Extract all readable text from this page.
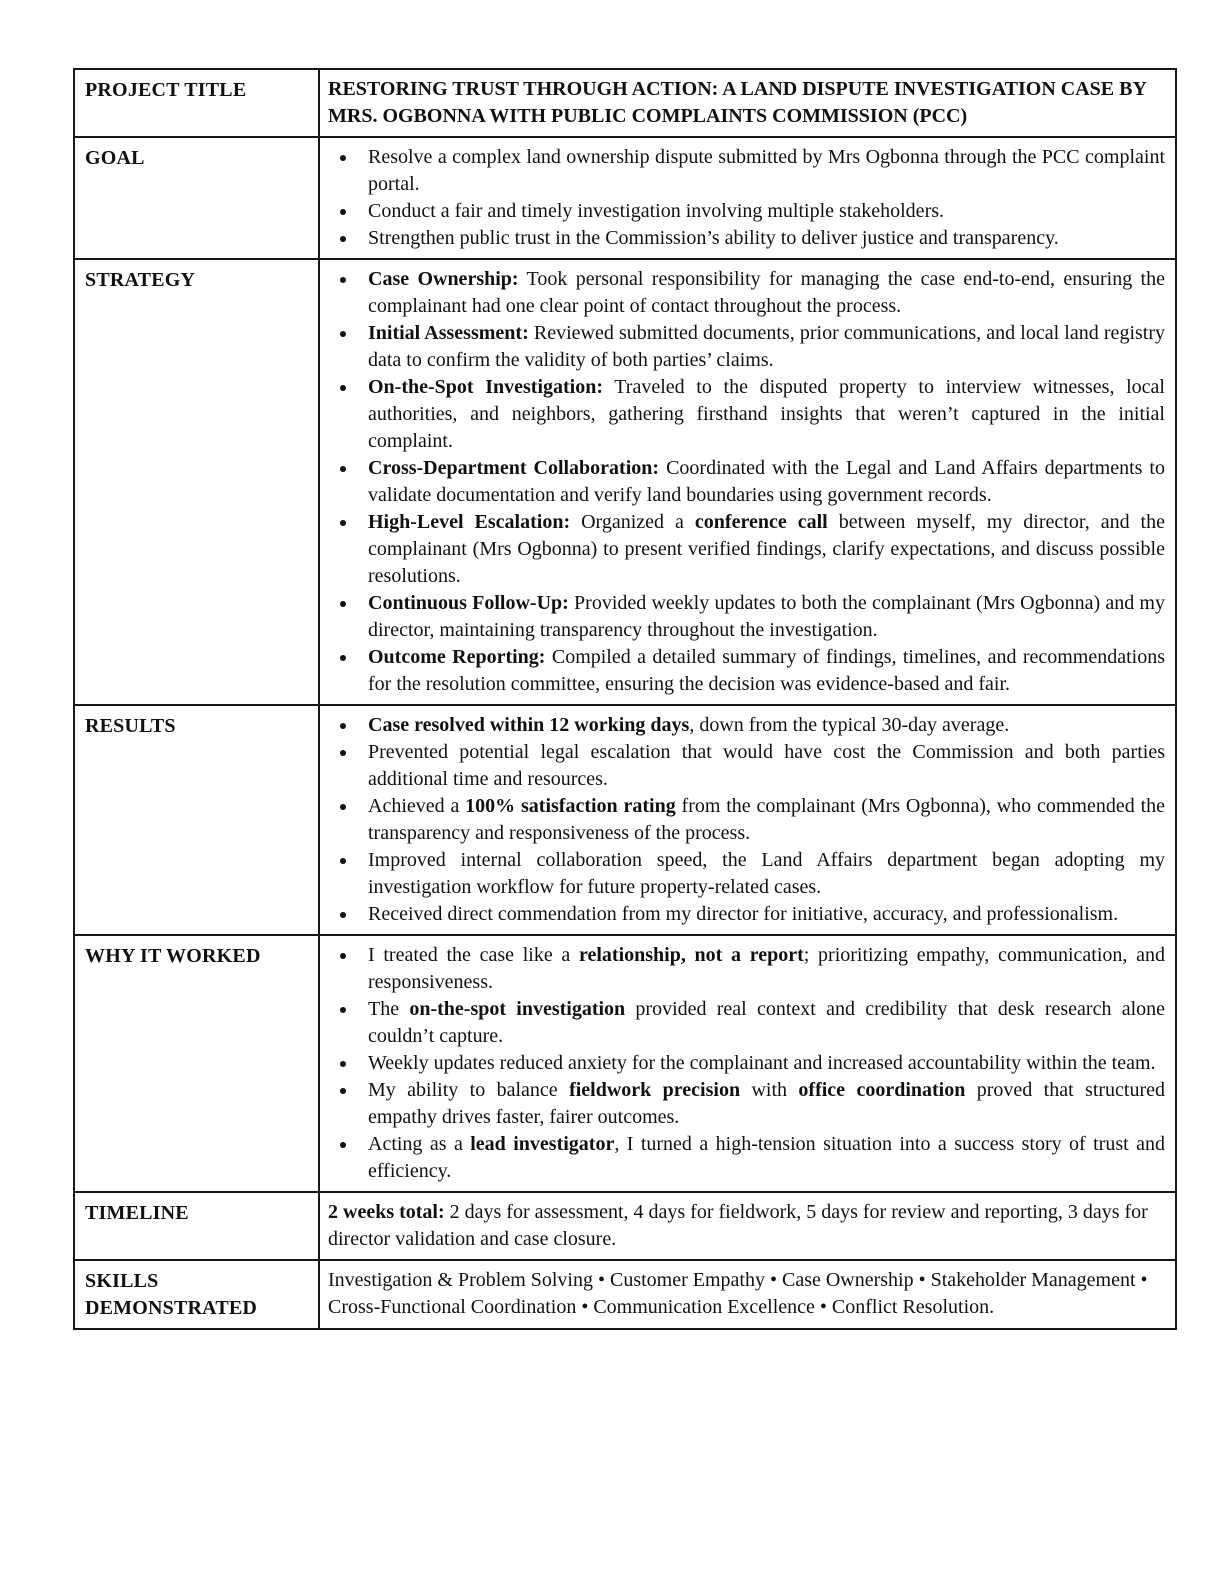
PROJECT TITLE	RESTORING TRUST THROUGH ACTION: A LAND DISPUTE INVESTIGATION CASE BY MRS. OGBONNA WITH PUBLIC COMPLAINTS COMMISSION (PCC)

GOAL	
•Resolve a complex land ownership dispute submitted by Mrs Ogbonna through the PCC complaint portal.
• Conduct a fair and timely investigation involving multiple stakeholders.
• Strengthen public trust in the Commission’s ability to deliver justice and transparency.

STRATEGY	
•Case Ownership: Took personal responsibility for managing the case end-to-end, ensuring the complainant had one clear point of contact throughout the process.
• Initial Assessment: Reviewed submitted documents, prior communications, and local land registry data to confirm the validity of both parties’ claims.
• On-the-Spot Investigation: Traveled to the disputed property to interview witnesses, local authorities, and neighbors, gathering firsthand insights that weren’t captured in the initial complaint.
• Cross-Department Collaboration: Coordinated with the Legal and Land Affairs departments to validate documentation and verify land boundaries using government records.
• High-Level Escalation: Organized a conference call between myself, my director, and the complainant (Mrs Ogbonna) to present verified findings, clarify expectations, and discuss possible resolutions.
• Continuous Follow-Up: Provided weekly updates to both the complainant (Mrs Ogbonna) and my director, maintaining transparency throughout the investigation.
• Outcome Reporting: Compiled a detailed summary of findings, timelines, and recommendations for the resolution committee, ensuring the decision was evidence-based and fair.

RESULTS	
•Case resolved within 12 working days, down from the typical 30-day average.
• Prevented potential legal escalation that would have cost the Commission and both parties additional time and resources.
• Achieved a 100% satisfaction rating from the complainant (Mrs Ogbonna), who commended the transparency and responsiveness of the process.
• Improved internal collaboration speed, the Land Affairs department began adopting my investigation workflow for future property-related cases.
• Received direct commendation from my director for initiative, accuracy, and professionalism.

WHY IT WORKED	
•I treated the case like a relationship, not a report; prioritizing empathy, communication, and responsiveness.
• The on-the-spot investigation provided real context and credibility that desk research alone couldn’t capture.
• Weekly updates reduced anxiety for the complainant and increased accountability within the team.
• My ability to balance fieldwork precision with office coordination proved that structured empathy drives faster, fairer outcomes.
• Acting as a lead investigator, I turned a high-tension situation into a success story of trust and efficiency.

TIMELINE	2 weeks total: 2 days for assessment, 4 days for fieldwork, 5 days for review and reporting, 3 days for director validation and case closure.

SKILLS DEMONSTRATED	Investigation & Problem Solving • Customer Empathy • Case Ownership • Stakeholder Management • Cross-Functional Coordination • Communication Excellence • Conflict Resolution.
